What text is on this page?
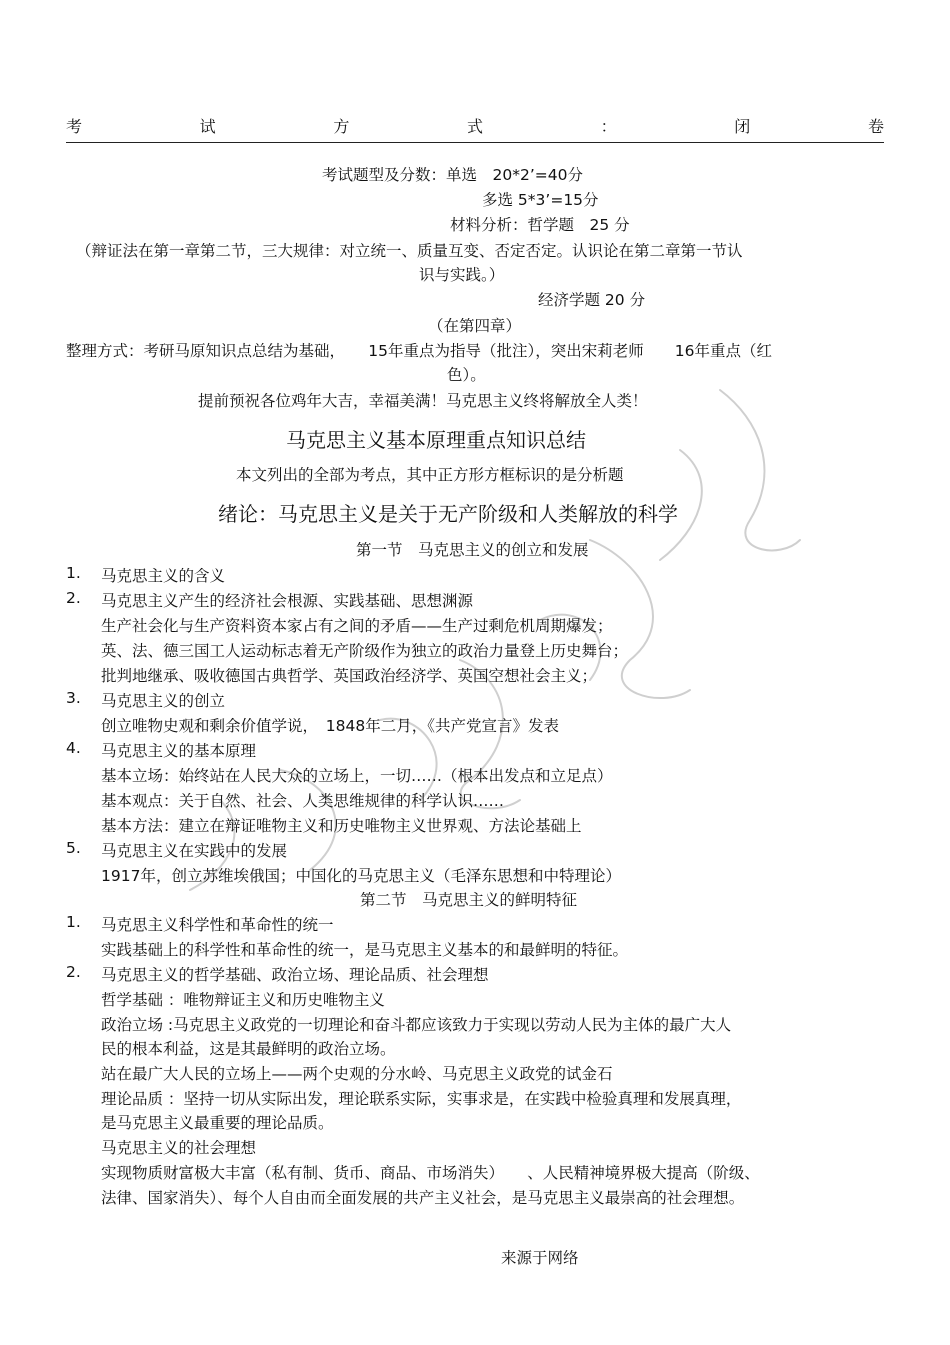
考	试	方	式	：	闭	卷
考试题型及分数：单选　20*2’=40分
多选 5*3’=15分
材料分析：哲学题　25 分
（辩证法在第一章第二节，三大规律：对立统一、质量互变、否定否定。认识论在第二章第一节认
识与实践。）
经济学题 20 分
（在第四章）
整理方式：考研马原知识点总结为基础，　　15年重点为指导（批注），突出宋莉老师　　16年重点（红
色）。
提前预祝各位鸡年大吉，幸福美满！马克思主义终将解放全人类！
马克思主义基本原理重点知识总结
本文列出的全部为考点，其中正方形方框标识的是分析题
绪论：马克思主义是关于无产阶级和人类解放的科学
第一节　马克思主义的创立和发展
1. 马克思主义的含义
2. 马克思主义产生的经济社会根源、实践基础、思想渊源
生产社会化与生产资料资本家占有之间的矛盾——生产过剩危机周期爆发；
英、法、德三国工人运动标志着无产阶级作为独立的政治力量登上历史舞台；
批判地继承、吸收德国古典哲学、英国政治经济学、英国空想社会主义；
3. 马克思主义的创立
创立唯物史观和剩余价值学说，　1848年二月，《共产党宣言》发表
4. 马克思主义的基本原理
基本立场：始终站在人民大众的立场上，一切……（根本出发点和立足点）
基本观点：关于自然、社会、人类思维规律的科学认识……
基本方法：建立在辩证唯物主义和历史唯物主义世界观、方法论基础上
5. 马克思主义在实践中的发展
1917年，创立苏维埃俄国；中国化的马克思主义（毛泽东思想和中特理论）
第二节　马克思主义的鲜明特征
1. 马克思主义科学性和革命性的统一
实践基础上的科学性和革命性的统一，是马克思主义基本的和最鲜明的特征。
2. 马克思主义的哲学基础、政治立场、理论品质、社会理想
哲学基础 ：唯物辩证主义和历史唯物主义
政治立场 :马克思主义政党的一切理论和奋斗都应该致力于实现以劳动人民为主体的最广大人
民的根本利益，这是其最鲜明的政治立场。
站在最广大人民的立场上——两个史观的分水岭、马克思主义政党的试金石
理论品质 ：坚持一切从实际出发，理论联系实际，实事求是，在实践中检验真理和发展真理，
是马克思主义最重要的理论品质。
马克思主义的社会理想
实现物质财富极大丰富（私有制、货币、商品、市场消失）　　、人民精神境界极大提高（阶级、
法律、国家消失）、每个人自由而全面发展的共产主义社会，是马克思主义最崇高的社会理想。
来源于网络
